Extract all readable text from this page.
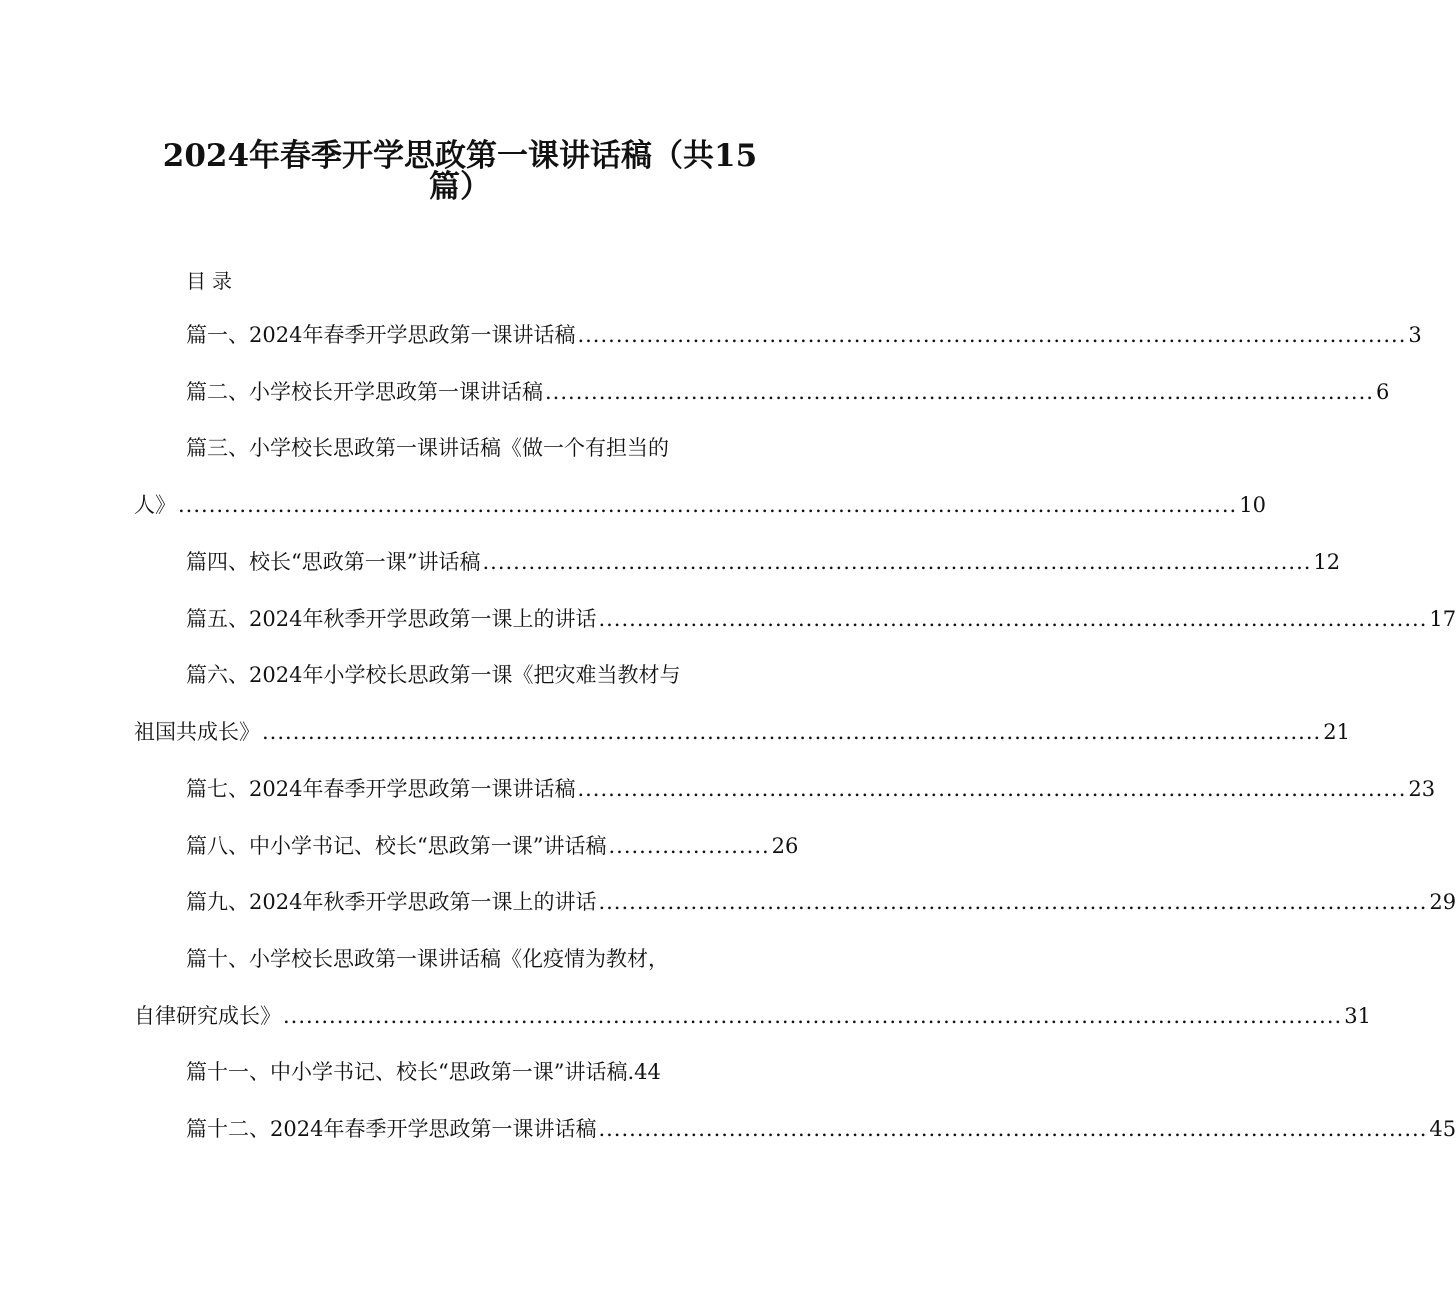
2024年春季开学思政第一课讲话稿（共15
篇）
目录
篇一、2024年春季开学思政第一课讲话稿 ............................................................................................................ 3
篇二、小学校长开学思政第一课讲话稿 ............................................................................................................ 6
篇三、小学校长思政第一课讲话稿《做一个有担当的
人》 .......................................................................................................................................... 10
篇四、校长“思政第一课”讲话稿 ............................................................................................................ 12
篇五、2024年秋季开学思政第一课上的讲话 ............................................................................................................ 17
篇六、2024年小学校长思政第一课《把灾难当教材与
祖国共成长》 .......................................................................................................................................... 21
篇七、2024年春季开学思政第一课讲话稿 ............................................................................................................ 23
篇八、中小学书记、校长“思政第一课”讲话稿 ..................... 26
篇九、2024年秋季开学思政第一课上的讲话 ............................................................................................................ 29
篇十、小学校长思政第一课讲话稿《化疫情为教材，
自律研究成长》 .......................................................................................................................................... 31
篇十一、中小学书记、校长“思政第一课”讲话稿 . 44
篇十二、2024年春季开学思政第一课讲话稿 ............................................................................................................ 45
